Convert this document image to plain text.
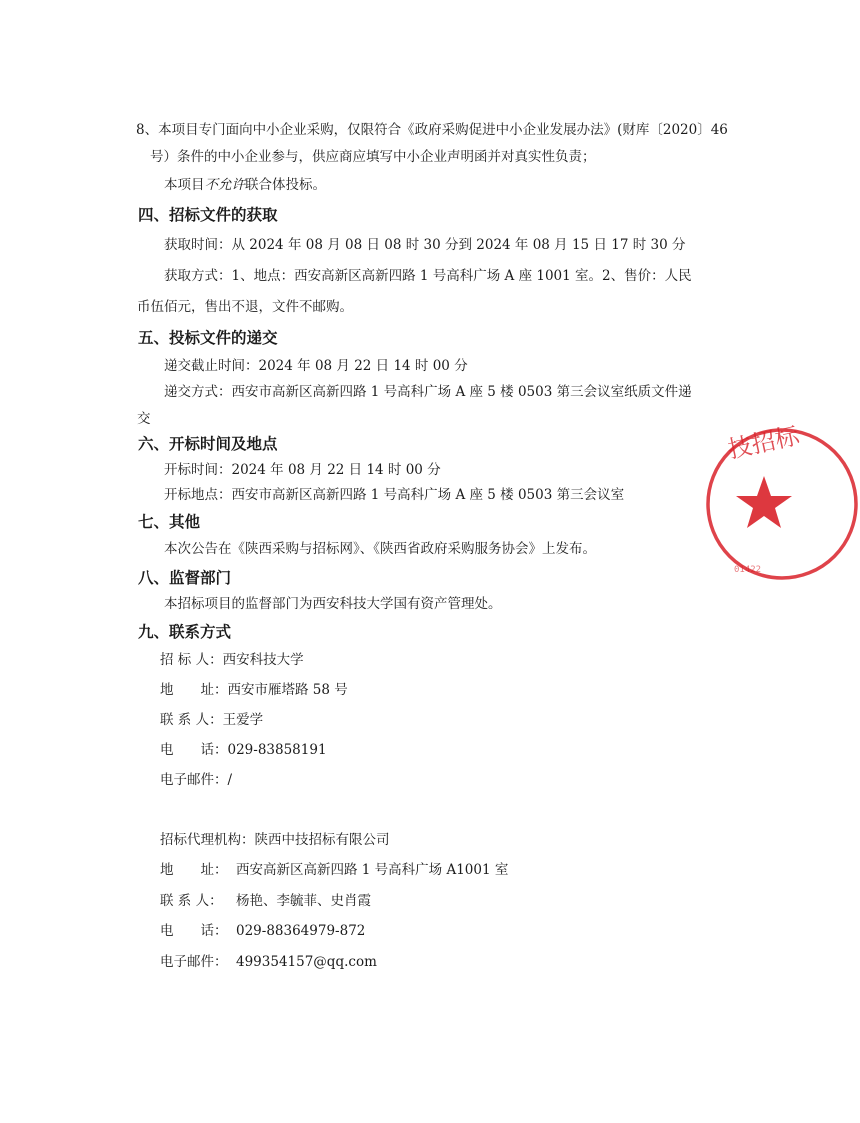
8、本项目专门面向中小企业采购，仅限符合《政府采购促进中小企业发展办法》(财库〔2020〕46
号）条件的中小企业参与，供应商应填写中小企业声明函并对真实性负责；
本项目不允许联合体投标。
四、招标文件的获取
获取时间：从 2024 年 08 月 08 日 08 时 30 分到 2024 年 08 月 15 日 17 时 30 分
获取方式：1、地点：西安高新区高新四路 1 号高科广场 A 座 1001 室。2、售价：人民
币伍佰元，售出不退，文件不邮购。
五、投标文件的递交
递交截止时间：2024 年 08 月 22 日 14 时 00 分
递交方式：西安市高新区高新四路 1 号高科广场 A 座 5 楼 0503 第三会议室纸质文件递
交
六、开标时间及地点
开标时间：2024 年 08 月 22 日 14 时 00 分
开标地点：西安市高新区高新四路 1 号高科广场 A 座 5 楼 0503 第三会议室
七、其他
本次公告在《陕西采购与招标网》、《陕西省政府采购服务协会》上发布。
八、监督部门
本招标项目的监督部门为西安科技大学国有资产管理处。
九、联系方式
招 标 人：西安科技大学
地　　址：西安市雁塔路 58 号
联 系 人：王爱学
电　　话：029-83858191
电子邮件：/
招标代理机构：陕西中技招标有限公司
地　　址： 西安高新区高新四路 1 号高科广场 A1001 室
联 系 人： 杨艳、李毓菲、史肖霞
电　　话： 029-88364979-872
电子邮件： 499354157@qq.com
技招标
01422
